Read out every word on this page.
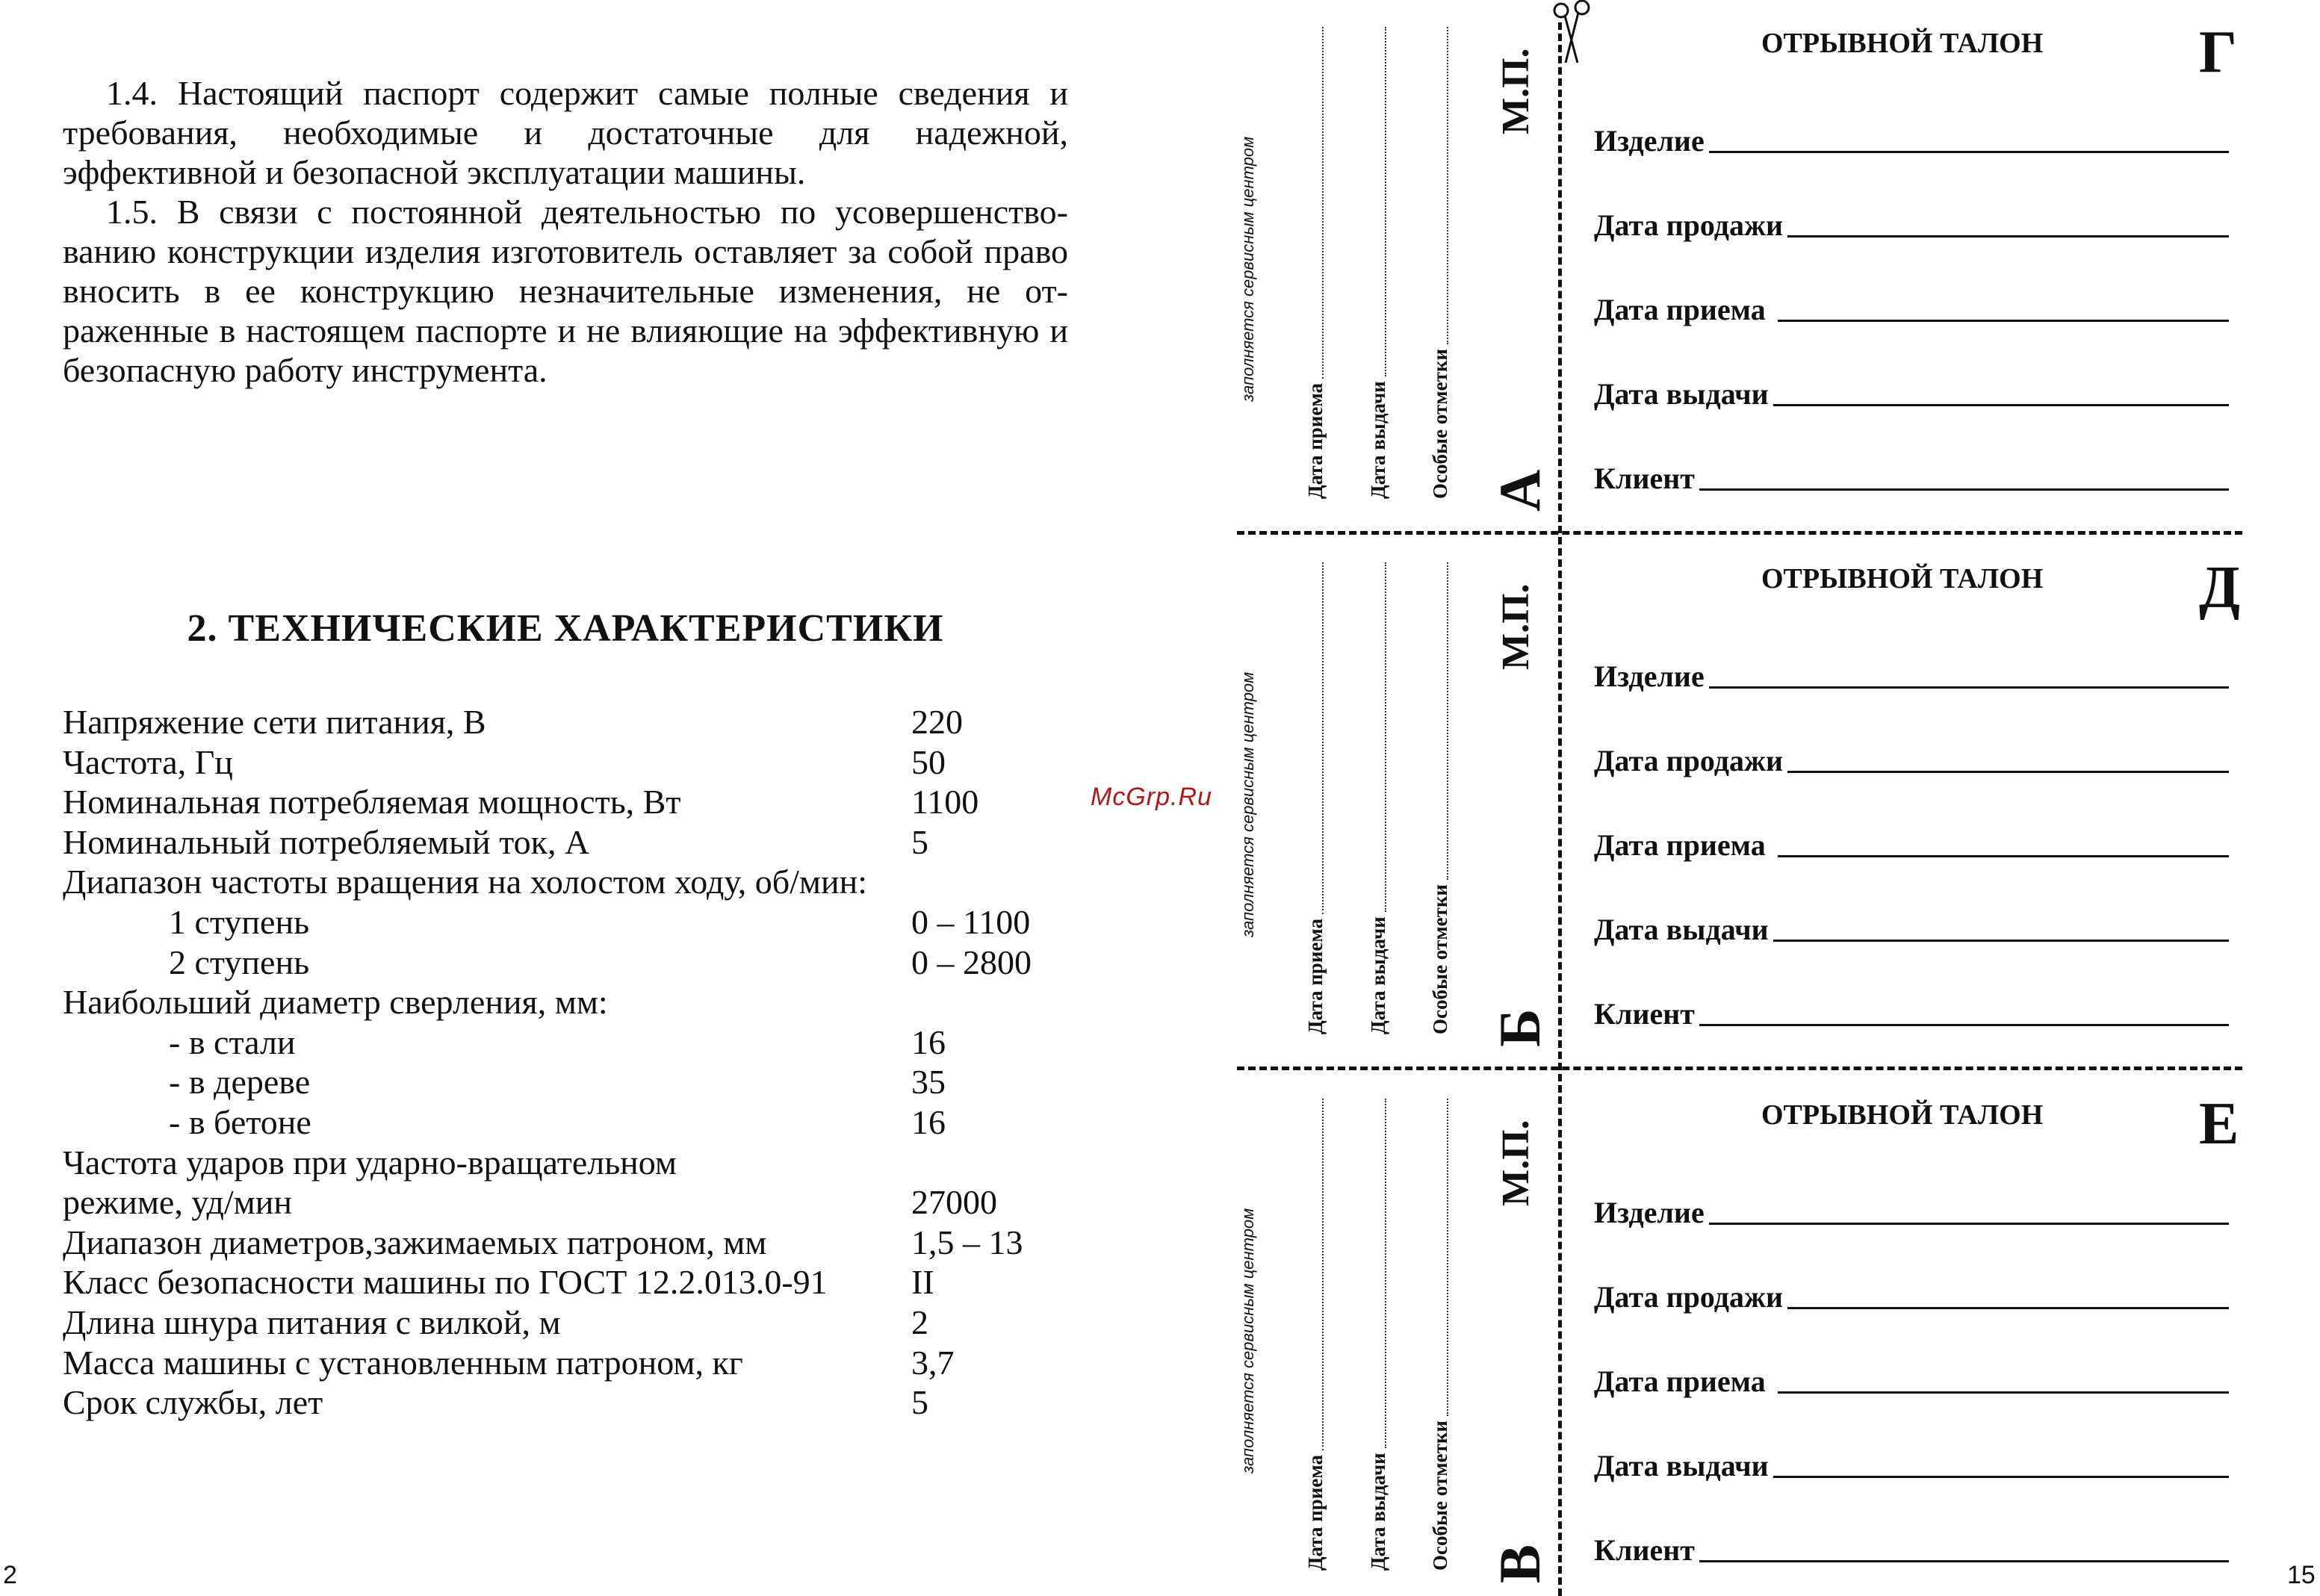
1.4. Настоящий паспорт содержит самые полные сведения и требования, необходимые и достаточные для надежной, эффективной и безопасной эксплуатации машины.

1.5. В связи с постоянной деятельностью по усовершенство-ванию конструкции изделия изготовитель оставляет за собой право вносить в ее конструкцию незначительные изменения, не от-раженные в настоящем паспорте и не влияющие на эффективную и безопасную работу инструмента.

2. ТЕХНИЧЕСКИЕ ХАРАКТЕРИСТИКИ
Напряжение сети питания, В	220
Частота, Гц	50
Номинальная потребляемая мощность, Вт	1100
Номинальный потребляемый ток, А	5
Диапазон частоты вращения на холостом ходу, об/мин:
1 ступень	0 – 1100
2 ступень	0 – 2800
Наибольший диаметр сверления, мм:
- в стали	16
- в дереве	35
- в бетоне	16
Частота ударов при ударно-вращательном
режиме, уд/мин	27000
Диапазон диаметров,зажимаемых патроном, мм	1,5 – 13
Класс безопасности машины по ГОСТ 12.2.013.0-91	II
Длина шнура питания с вилкой, м	2
Масса машины с установленным патроном, кг	3,7
Срок службы, лет	5
2
McGrp.Ru
15
ОТРЫВНОЙ ТАЛОН	Г
Изделие
Дата продажи
Дата приема
Дата выдачи
Клиент
заполняется сервисным центром
Дата приема Дата выдачи Особые отметки
М.П.
А
ОТРЫВНОЙ ТАЛОН	Д
Изделие
Дата продажи
Дата приема
Дата выдачи
Клиент
заполняется сервисным центром
Дата приема Дата выдачи Особые отметки
М.П.
Б
ОТРЫВНОЙ ТАЛОН	Е
Изделие
Дата продажи
Дата приема
Дата выдачи
Клиент
заполняется сервисным центром
Дата приема Дата выдачи Особые отметки
М.П.
В
